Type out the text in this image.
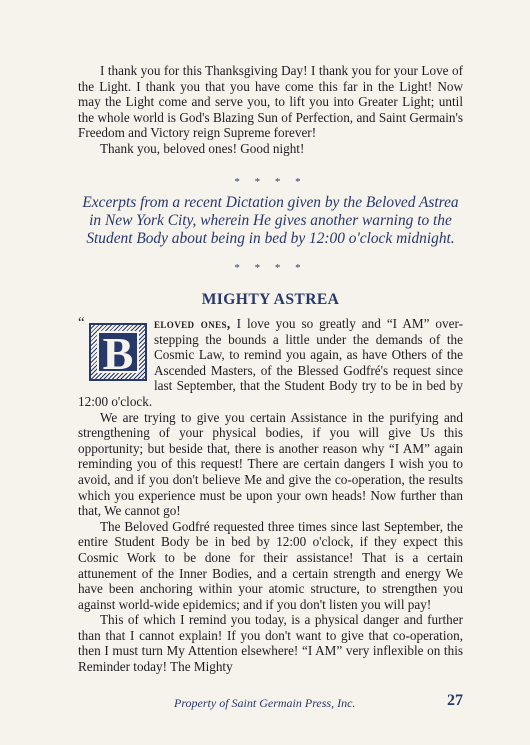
I thank you for this Thanksgiving Day! I thank you for your Love of the Light. I thank you that you have come this far in the Light! Now may the Light come and serve you, to lift you into Greater Light; until the whole world is God's Blazing Sun of Perfection, and Saint Germain's Freedom and Victory reign Supreme forever!

Thank you, beloved ones! Good night!

* * * *
Excerpts from a recent Dictation given by the Beloved Astrea in New York City, wherein He gives another warning to the Student Body about being in bed by 12:00 o'clock midnight.
* * * *
MIGHTY ASTREA
“
B

eloved ones, I love you so greatly and “I AM” over-stepping the bounds a little under the demands of the Cosmic Law, to remind you again, as have Others of the Ascended Masters, of the Blessed Godfré's request since last September, that the Student Body try to be in bed by 12:00 o'clock.

We are trying to give you certain Assistance in the purifying and strengthening of your physical bodies, if you will give Us this opportunity; but beside that, there is another reason why “I AM” again reminding you of this request! There are certain dangers I wish you to avoid, and if you don't believe Me and give the co-operation, the results which you experience must be upon your own heads! Now further than that, We cannot go!

The Beloved Godfré requested three times since last September, the entire Student Body be in bed by 12:00 o'clock, if they expect this Cosmic Work to be done for their assistance! That is a certain attunement of the Inner Bodies, and a certain strength and energy We have been anchoring within your atomic structure, to strengthen you against world-wide epidemics; and if you don't listen you will pay!

This of which I remind you today, is a physical danger and further than that I cannot explain! If you don't want to give that co-operation, then I must turn My Attention elsewhere! “I AM” very inflexible on this Reminder today! The Mighty

Property of Saint Germain Press, Inc.	27
